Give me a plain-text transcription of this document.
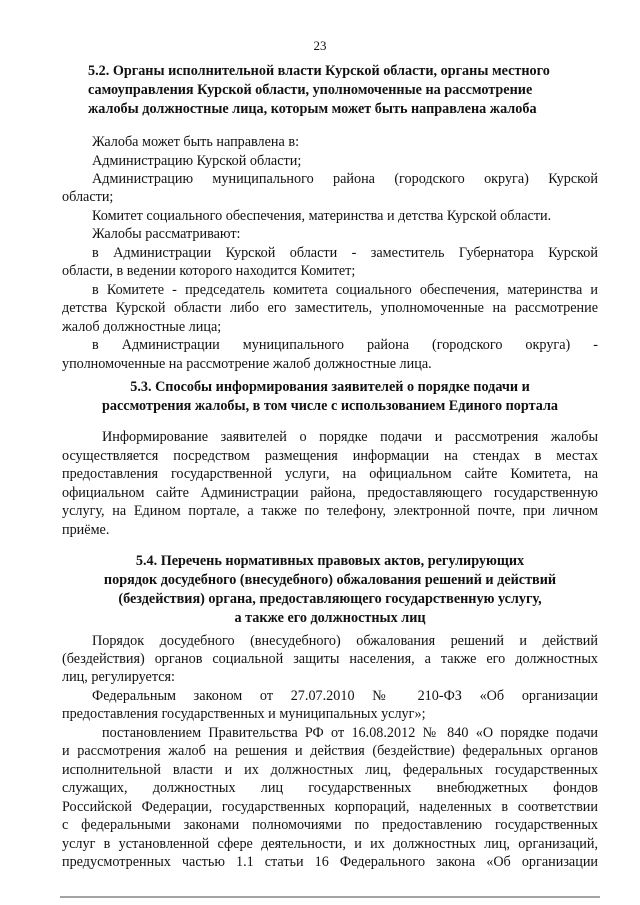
23
5.2. Органы исполнительной власти Курской области, органы местного
самоуправления Курской области, уполномоченные на рассмотрение
жалобы должностные лица, которым может быть направлена жалоба
Жалоба может быть направлена в:
Администрацию Курской области;
Администрацию муниципального района (городского округа) Курской
области;
Комитет социального обеспечения, материнства и детства Курской области.
Жалобы рассматривают:
в Администрации Курской области - заместитель Губернатора Курской
области, в ведении которого находится Комитет;
в Комитете - председатель комитета социального обеспечения, материнства и
детства Курской области либо его заместитель, уполномоченные на рассмотрение
жалоб должностные лица;
в Администрации муниципального района (городского округа) -
уполномоченные на рассмотрение жалоб должностные лица.
5.3. Способы информирования заявителей о порядке подачи и
рассмотрения жалобы, в том числе с использованием Единого портала
Информирование заявителей о порядке подачи и рассмотрения жалобы
осуществляется посредством размещения информации на стендах в местах
предоставления государственной услуги, на официальном сайте Комитета, на
официальном сайте Администрации района, предоставляющего государственную
услугу, на Едином портале, а также по телефону, электронной почте, при личном
приёме.
5.4. Перечень нормативных правовых актов, регулирующих
порядок досудебного (внесудебного) обжалования решений и действий
(бездействия) органа, предоставляющего государственную услугу,
а также его должностных лиц
Порядок досудебного (внесудебного) обжалования решений и действий
(бездействия) органов социальной защиты населения, а также его должностных
лиц, регулируется:
Федеральным законом от 27.07.2010 № 210-ФЗ «Об организации
предоставления государственных и муниципальных услуг»;
постановлением Правительства РФ от 16.08.2012 № 840 «О порядке подачи
и рассмотрения жалоб на решения и действия (бездействие) федеральных органов
исполнительной власти и их должностных лиц, федеральных государственных
служащих, должностных лиц государственных внебюджетных фондов
Российской Федерации, государственных корпораций, наделенных в соответствии
с федеральными законами полномочиями по предоставлению государственных
услуг в установленной сфере деятельности, и их должностных лиц, организаций,
предусмотренных частью 1.1 статьи 16 Федерального закона «Об организации
